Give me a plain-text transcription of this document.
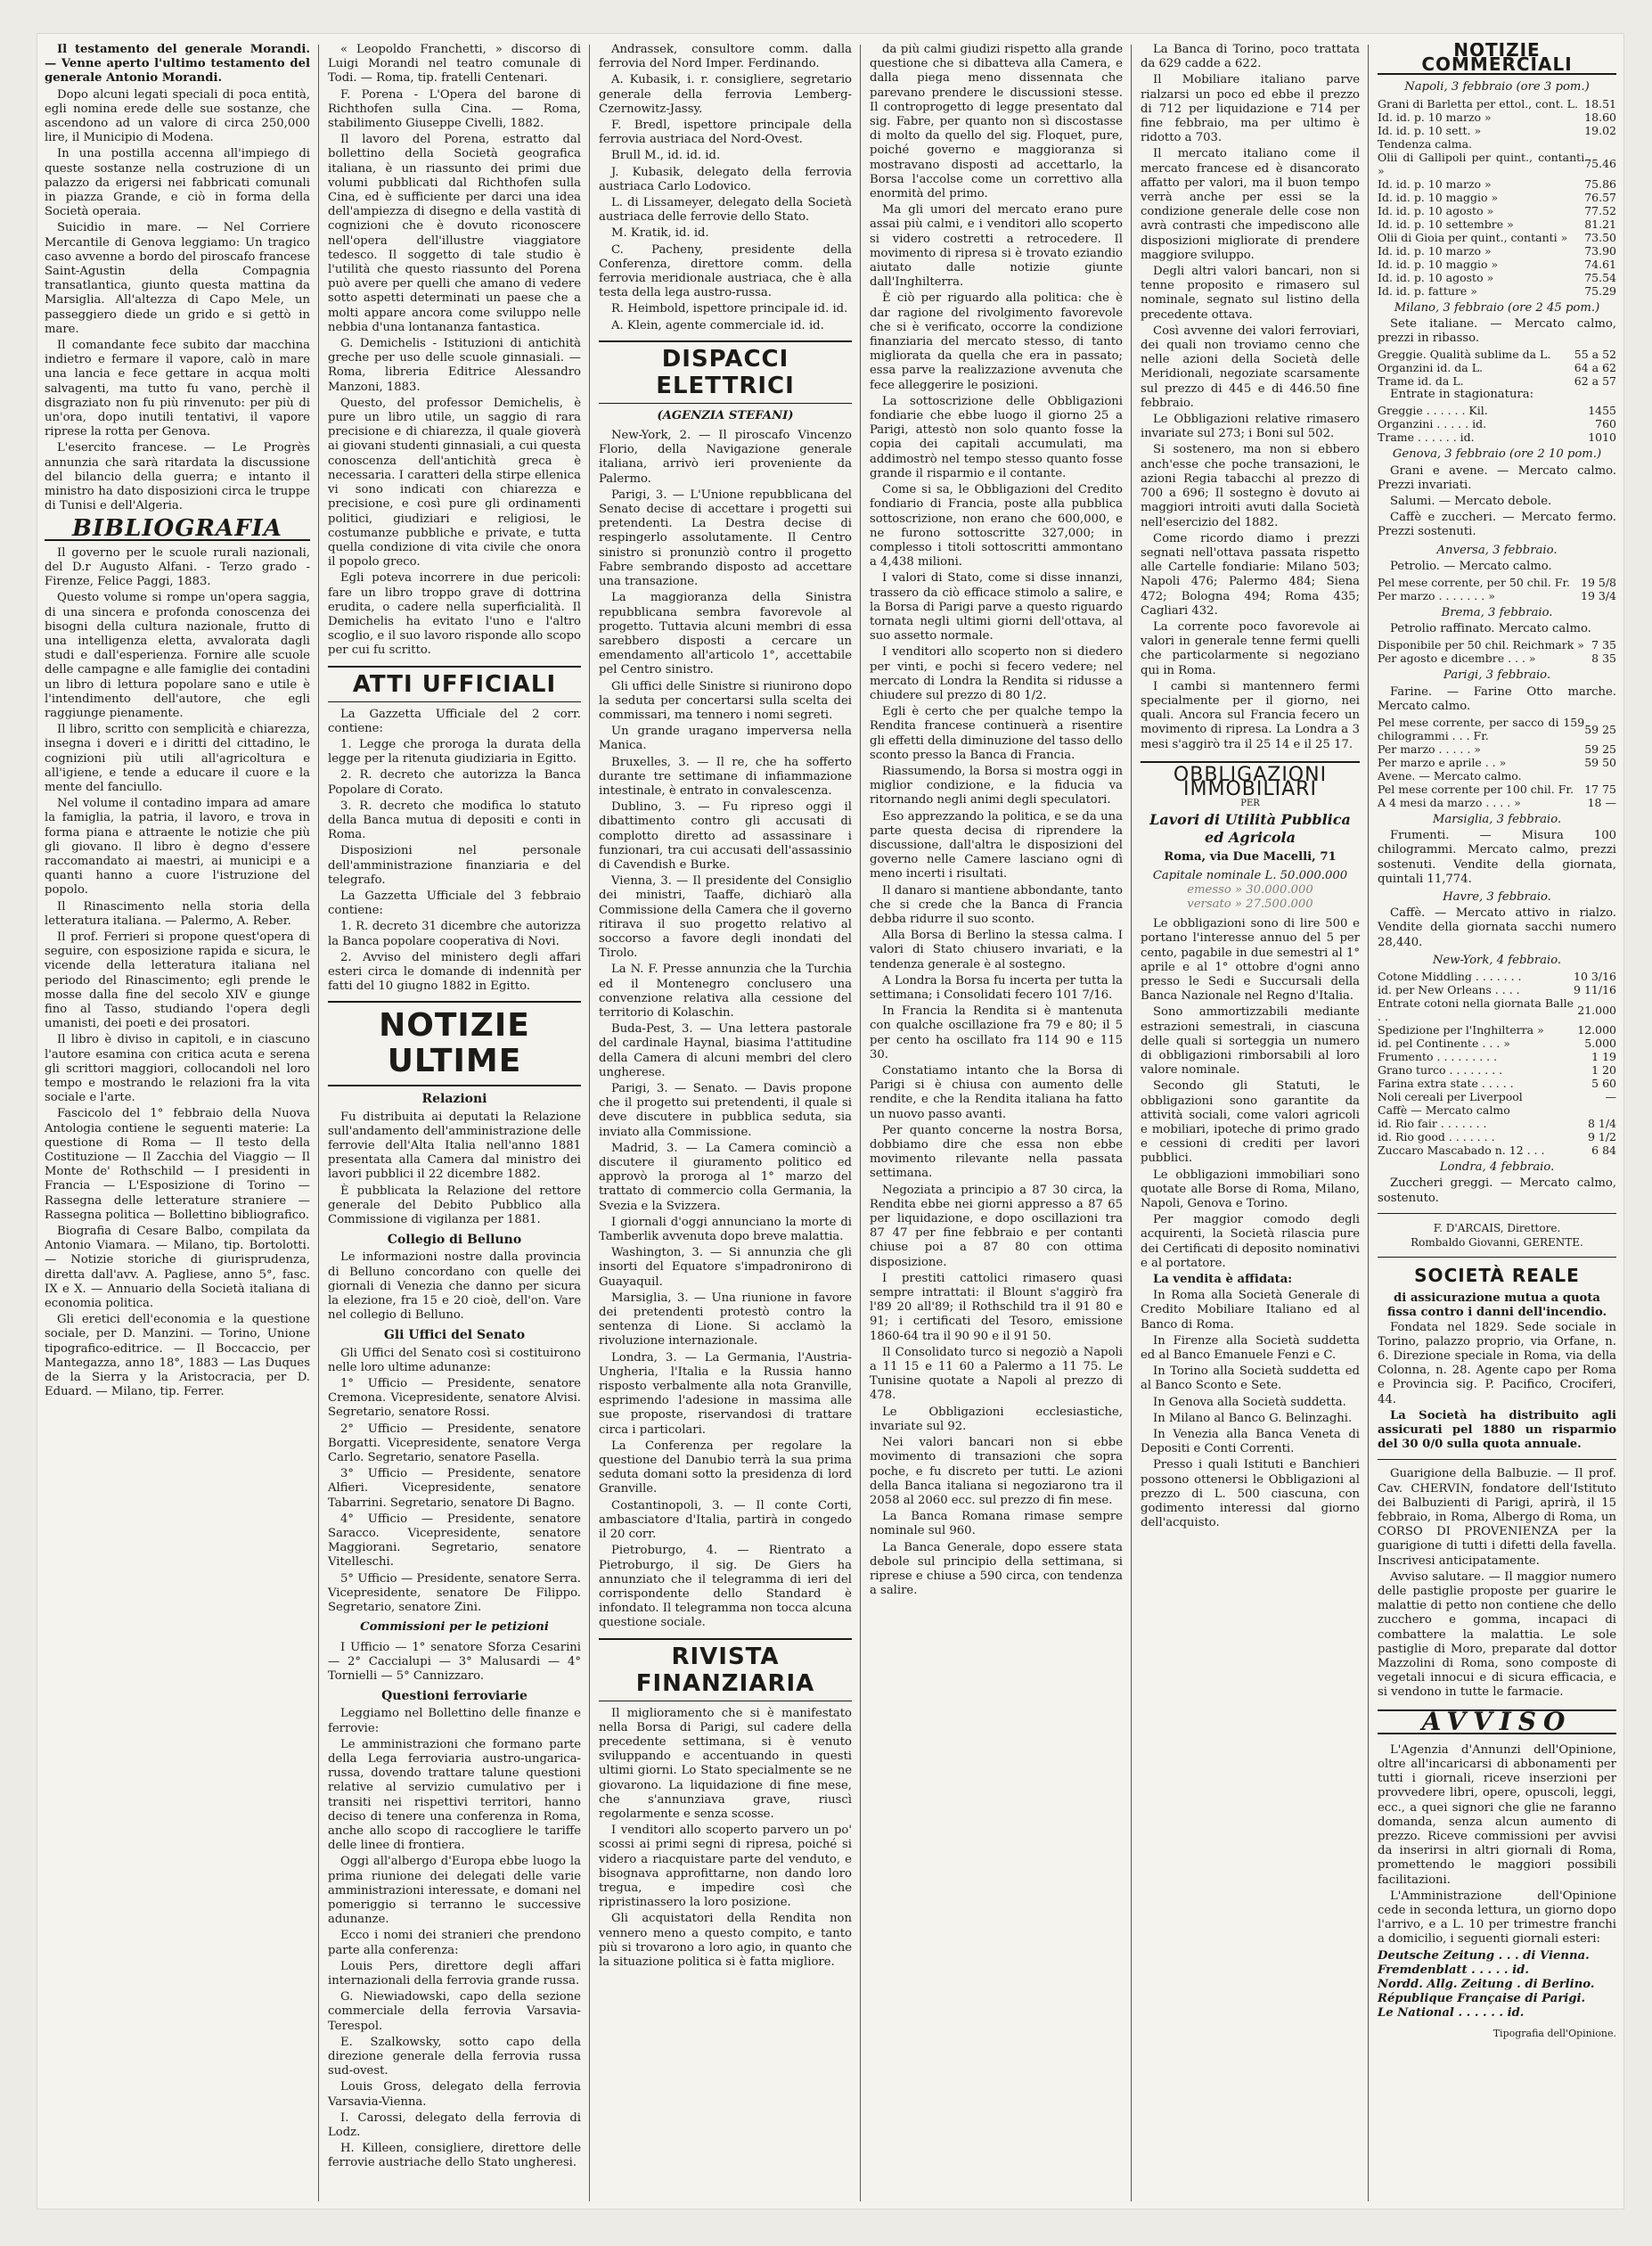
Il testamento del generale Morandi. — Venne aperto l'ultimo testamento del generale Antonio Morandi.

Dopo alcuni legati speciali di poca entità, egli nomina erede delle sue sostanze, che ascendono ad un valore di circa 250,000 lire, il Municipio di Modena.

In una postilla accenna all'impiego di queste sostanze nella costruzione di un palazzo da erigersi nei fabbricati comunali in piazza Grande, e ciò in forma della Società operaia.

Suicidio in mare. — Nel Corriere Mercantile di Genova leggiamo: Un tragico caso avvenne a bordo del piroscafo francese Saint-Agustin della Compagnia transatlantica, giunto questa mattina da Marsiglia. All'altezza di Capo Mele, un passeggiero diede un grido e si gettò in mare.

Il comandante fece subito dar macchina indietro e fermare il vapore, calò in mare una lancia e fece gettare in acqua molti salvagenti, ma tutto fu vano, perchè il disgraziato non fu più rinvenuto: per più di un'ora, dopo inutili tentativi, il vapore riprese la rotta per Genova.

L'esercito francese. — Le Progrès annunzia che sarà ritardata la discussione del bilancio della guerra; e intanto il ministro ha dato disposizioni circa le truppe di Tunisi e dell'Algeria.

BIBLIOGRAFIA

Il governo per le scuole rurali nazionali, del D.r Augusto Alfani. - Terzo grado - Firenze, Felice Paggi, 1883.

Questo volume si rompe un'opera saggia, di una sincera e profonda conoscenza dei bisogni della cultura nazionale, frutto di una intelligenza eletta, avvalorata dagli studi e dall'esperienza. Fornire alle scuole delle campagne e alle famiglie dei contadini un libro di lettura popolare sano e utile è l'intendimento dell'autore, che egli raggiunge pienamente.

Il libro, scritto con semplicità e chiarezza, insegna i doveri e i diritti del cittadino, le cognizioni più utili all'agricoltura e all'igiene, e tende a educare il cuore e la mente del fanciullo.

Nel volume il contadino impara ad amare la famiglia, la patria, il lavoro, e trova in forma piana e attraente le notizie che più gli giovano. Il libro è degno d'essere raccomandato ai maestri, ai municipi e a quanti hanno a cuore l'istruzione del popolo.

Il Rinascimento nella storia della letteratura italiana. — Palermo, A. Reber.

Il prof. Ferrieri si propone quest'opera di seguire, con esposizione rapida e sicura, le vicende della letteratura italiana nel periodo del Rinascimento; egli prende le mosse dalla fine del secolo XIV e giunge fino al Tasso, studiando l'opera degli umanisti, dei poeti e dei prosatori.

Il libro è diviso in capitoli, e in ciascuno l'autore esamina con critica acuta e serena gli scrittori maggiori, collocandoli nel loro tempo e mostrando le relazioni fra la vita sociale e l'arte.

Fascicolo del 1° febbraio della Nuova Antologia contiene le seguenti materie: La questione di Roma — Il testo della Costituzione — Il Zacchia del Viaggio — Il Monte de' Rothschild — I presidenti in Francia — L'Esposizione di Torino — Rassegna delle letterature straniere — Rassegna politica — Bollettino bibliografico.

Biografia di Cesare Balbo, compilata da Antonio Viamara. — Milano, tip. Bortolotti. — Notizie storiche di giurisprudenza, diretta dall'avv. A. Pagliese, anno 5°, fasc. IX e X. — Annuario della Società italiana di economia politica.

Gli eretici dell'economia e la questione sociale, per D. Manzini. — Torino, Unione tipografico-editrice. — Il Boccaccio, per Mantegazza, anno 18°, 1883 — Las Duques de la Sierra y la Aristocracia, per D. Eduard. — Milano, tip. Ferrer.

« Leopoldo Franchetti, » discorso di Luigi Morandi nel teatro comunale di Todi. — Roma, tip. fratelli Centenari.

F. Porena - L'Opera del barone di Richthofen sulla Cina. — Roma, stabilimento Giuseppe Civelli, 1882.

Il lavoro del Porena, estratto dal bollettino della Società geografica italiana, è un riassunto dei primi due volumi pubblicati dal Richthofen sulla Cina, ed è sufficiente per darci una idea dell'ampiezza di disegno e della vastità di cognizioni che è dovuto riconoscere nell'opera dell'illustre viaggiatore tedesco. Il soggetto di tale studio è l'utilità che questo riassunto del Porena può avere per quelli che amano di vedere sotto aspetti determinati un paese che a molti appare ancora come sviluppo nelle nebbia d'una lontananza fantastica.

G. Demichelis - Istituzioni di antichità greche per uso delle scuole ginnasiali. — Roma, libreria Editrice Alessandro Manzoni, 1883.

Questo, del professor Demichelis, è pure un libro utile, un saggio di rara precisione e di chiarezza, il quale gioverà ai giovani studenti ginnasiali, a cui questa conoscenza dell'antichità greca è necessaria. I caratteri della stirpe ellenica vi sono indicati con chiarezza e precisione, e così pure gli ordinamenti politici, giudiziari e religiosi, le costumanze pubbliche e private, e tutta quella condizione di vita civile che onora il popolo greco.

Egli poteva incorrere in due pericoli: fare un libro troppo grave di dottrina erudita, o cadere nella superficialità. Il Demichelis ha evitato l'uno e l'altro scoglio, e il suo lavoro risponde allo scopo per cui fu scritto.

ATTI UFFICIALI

La Gazzetta Ufficiale del 2 corr. contiene:

1. Legge che proroga la durata della legge per la ritenuta giudiziaria in Egitto.

2. R. decreto che autorizza la Banca Popolare di Corato.

3. R. decreto che modifica lo statuto della Banca mutua di depositi e conti in Roma.

Disposizioni nel personale dell'amministrazione finanziaria e del telegrafo.

La Gazzetta Ufficiale del 3 febbraio contiene:

1. R. decreto 31 dicembre che autorizza la Banca popolare cooperativa di Novi.

2. Avviso del ministero degli affari esteri circa le domande di indennità per fatti del 10 giugno 1882 in Egitto.

NOTIZIE ULTIME
Relazioni

Fu distribuita ai deputati la Relazione sull'andamento dell'amministrazione delle ferrovie dell'Alta Italia nell'anno 1881 presentata alla Camera dal ministro dei lavori pubblici il 22 dicembre 1882.

È pubblicata la Relazione del rettore generale del Debito Pubblico alla Commissione di vigilanza per 1881.

Collegio di Belluno

Le informazioni nostre dalla provincia di Belluno concordano con quelle dei giornali di Venezia che danno per sicura la elezione, fra 15 e 20 cioè, dell'on. Vare nel collegio di Belluno.

Gli Uffici del Senato

Gli Uffici del Senato così si costituirono nelle loro ultime adunanze:

1° Ufficio — Presidente, senatore Cremona. Vicepresidente, senatore Alvisi. Segretario, senatore Rossi.

2° Ufficio — Presidente, senatore Borgatti. Vicepresidente, senatore Verga Carlo. Segretario, senatore Pasella.

3° Ufficio — Presidente, senatore Alfieri. Vicepresidente, senatore Tabarrini. Segretario, senatore Di Bagno.

4° Ufficio — Presidente, senatore Saracco. Vicepresidente, senatore Maggiorani. Segretario, senatore Vitelleschi.

5° Ufficio — Presidente, senatore Serra. Vicepresidente, senatore De Filippo. Segretario, senatore Zini.

Commissioni per le petizioni

I Ufficio — 1° senatore Sforza Cesarini — 2° Caccialupi — 3° Malusardi — 4° Tornielli — 5° Cannizzaro.

Questioni ferroviarie

Leggiamo nel Bollettino delle finanze e ferrovie:

Le amministrazioni che formano parte della Lega ferroviaria austro-ungarica-russa, dovendo trattare talune questioni relative al servizio cumulativo per i transiti nei rispettivi territori, hanno deciso di tenere una conferenza in Roma, anche allo scopo di raccogliere le tariffe delle linee di frontiera.

Oggi all'albergo d'Europa ebbe luogo la prima riunione dei delegati delle varie amministrazioni interessate, e domani nel pomeriggio si terranno le successive adunanze.

Ecco i nomi dei stranieri che prendono parte alla conferenza:

Louis Pers, direttore degli affari internazionali della ferrovia grande russa.

G. Niewiadowski, capo della sezione commerciale della ferrovia Varsavia-Terespol.

E. Szalkowsky, sotto capo della direzione generale della ferrovia russa sud-ovest.

Louis Gross, delegato della ferrovia Varsavia-Vienna.

I. Carossi, delegato della ferrovia di Lodz.

H. Killeen, consigliere, direttore delle ferrovie austriache dello Stato ungheresi.

Andrassek, consultore comm. dalla ferrovia del Nord Imper. Ferdinando.

A. Kubasik, i. r. consigliere, segretario generale della ferrovia Lemberg-Czernowitz-Jassy.

F. Bredl, ispettore principale della ferrovia austriaca del Nord-Ovest.

Brull M., id. id. id.

J. Kubasik, delegato della ferrovia austriaca Carlo Lodovico.

L. di Lissameyer, delegato della Società austriaca delle ferrovie dello Stato.

M. Kratik, id. id.

C. Pacheny, presidente della Conferenza, direttore comm. della ferrovia meridionale austriaca, che è alla testa della lega austro-russa.

R. Heimbold, ispettore principale id. id.

A. Klein, agente commerciale id. id.

DISPACCI ELETTRICI
(AGENZIA STEFANI)

New-York, 2. — Il piroscafo Vincenzo Florio, della Navigazione generale italiana, arrivò ieri proveniente da Palermo.

Parigi, 3. — L'Unione repubblicana del Senato decise di accettare i progetti sui pretendenti. La Destra decise di respingerlo assolutamente. Il Centro sinistro si pronunziò contro il progetto Fabre sembrando disposto ad accettare una transazione.

La maggioranza della Sinistra repubblicana sembra favorevole al progetto. Tuttavia alcuni membri di essa sarebbero disposti a cercare un emendamento all'articolo 1°, accettabile pel Centro sinistro.

Gli uffici delle Sinistre si riunirono dopo la seduta per concertarsi sulla scelta dei commissari, ma tennero i nomi segreti.

Un grande uragano imperversa nella Manica.

Bruxelles, 3. — Il re, che ha sofferto durante tre settimane di infiammazione intestinale, è entrato in convalescenza.

Dublino, 3. — Fu ripreso oggi il dibattimento contro gli accusati di complotto diretto ad assassinare i funzionari, tra cui accusati dell'assassinio di Cavendish e Burke.

Vienna, 3. — Il presidente del Consiglio dei ministri, Taaffe, dichiarò alla Commissione della Camera che il governo ritirava il suo progetto relativo al soccorso a favore degli inondati del Tirolo.

La N. F. Presse annunzia che la Turchia ed il Montenegro conclusero una convenzione relativa alla cessione del territorio di Kolaschin.

Buda-Pest, 3. — Una lettera pastorale del cardinale Haynal, biasima l'attitudine della Camera di alcuni membri del clero ungherese.

Parigi, 3. — Senato. — Davis propone che il progetto sui pretendenti, il quale si deve discutere in pubblica seduta, sia inviato alla Commissione.

Madrid, 3. — La Camera cominciò a discutere il giuramento politico ed approvò la proroga al 1° marzo del trattato di commercio colla Germania, la Svezia e la Svizzera.

I giornali d'oggi annunciano la morte di Tamberlik avvenuta dopo breve malattia.

Washington, 3. — Si annunzia che gli insorti del Equatore s'impadronirono di Guayaquil.

Marsiglia, 3. — Una riunione in favore dei pretendenti protestò contro la sentenza di Lione. Si acclamò la rivoluzione internazionale.

Londra, 3. — La Germania, l'Austria-Ungheria, l'Italia e la Russia hanno risposto verbalmente alla nota Granville, esprimendo l'adesione in massima alle sue proposte, riservandosi di trattare circa i particolari.

La Conferenza per regolare la questione del Danubio terrà la sua prima seduta domani sotto la presidenza di lord Granville.

Costantinopoli, 3. — Il conte Corti, ambasciatore d'Italia, partirà in congedo il 20 corr.

Pietroburgo, 4. — Rientrato a Pietroburgo, il sig. De Giers ha annunziato che il telegramma di ieri del corrispondente dello Standard è infondato. Il telegramma non tocca alcuna questione sociale.

RIVISTA FINANZIARIA

Il miglioramento che si è manifestato nella Borsa di Parigi, sul cadere della precedente settimana, si è venuto sviluppando e accentuando in questi ultimi giorni. Lo Stato specialmente se ne giovarono. La liquidazione di fine mese, che s'annunziava grave, riuscì regolarmente e senza scosse.

I venditori allo scoperto parvero un po' scossi ai primi segni di ripresa, poiché si videro a riacquistare parte del venduto, e bisognava approfittarne, non dando loro tregua, e impedire così che ripristinassero la loro posizione.

Gli acquistatori della Rendita non vennero meno a questo compito, e tanto più si trovarono a loro agio, in quanto che la situazione politica si è fatta migliore.

da più calmi giudizi rispetto alla grande questione che si dibatteva alla Camera, e dalla piega meno dissennata che parevano prendere le discussioni stesse. Il controprogetto di legge presentato dal sig. Fabre, per quanto non sì discostasse di molto da quello del sig. Floquet, pure, poiché governo e maggioranza si mostravano disposti ad accettarlo, la Borsa l'accolse come un correttivo alla enormità del primo.

Ma gli umori del mercato erano pure assai più calmi, e i venditori allo scoperto si videro costretti a retrocedere. Il movimento di ripresa si è trovato eziandio aiutato dalle notizie giunte dall'Inghilterra.

È ciò per riguardo alla politica: che è dar ragione del rivolgimento favorevole che si è verificato, occorre la condizione finanziaria del mercato stesso, di tanto migliorata da quella che era in passato; essa parve la realizzazione avvenuta che fece alleggerire le posizioni.

La sottoscrizione delle Obbligazioni fondiarie che ebbe luogo il giorno 25 a Parigi, attestò non solo quanto fosse la copia dei capitali accumulati, ma addimostrò nel tempo stesso quanto fosse grande il risparmio e il contante.

Come si sa, le Obbligazioni del Credito fondiario di Francia, poste alla pubblica sottoscrizione, non erano che 600,000, e ne furono sottoscritte 327,000; in complesso i titoli sottoscritti ammontano a 4,438 milioni.

I valori di Stato, come si disse innanzi, trassero da ciò efficace stimolo a salire, e la Borsa di Parigi parve a questo riguardo tornata negli ultimi giorni dell'ottava, al suo assetto normale.

I venditori allo scoperto non si diedero per vinti, e pochi si fecero vedere; nel mercato di Londra la Rendita si ridusse a chiudere sul prezzo di 80 1/2.

Egli è certo che per qualche tempo la Rendita francese continuerà a risentire gli effetti della diminuzione del tasso dello sconto presso la Banca di Francia.

Riassumendo, la Borsa si mostra oggi in miglior condizione, e la fiducia va ritornando negli animi degli speculatori.

Eso apprezzando la politica, e se da una parte questa decisa di riprendere la discussione, dall'altra le disposizioni del governo nelle Camere lasciano ogni dì meno incerti i risultati.

Il danaro si mantiene abbondante, tanto che si crede che la Banca di Francia debba ridurre il suo sconto.

Alla Borsa di Berlino la stessa calma. I valori di Stato chiusero invariati, e la tendenza generale è al sostegno.

A Londra la Borsa fu incerta per tutta la settimana; i Consolidati fecero 101 7/16.

In Francia la Rendita si è mantenuta con qualche oscillazione fra 79 e 80; il 5 per cento ha oscillato fra 114 90 e 115 30.

Constatiamo intanto che la Borsa di Parigi si è chiusa con aumento delle rendite, e che la Rendita italiana ha fatto un nuovo passo avanti.

Per quanto concerne la nostra Borsa, dobbiamo dire che essa non ebbe movimento rilevante nella passata settimana.

Negoziata a principio a 87 30 circa, la Rendita ebbe nei giorni appresso a 87 65 per liquidazione, e dopo oscillazioni tra 87 47 per fine febbraio e per contanti chiuse poi a 87 80 con ottima disposizione.

I prestiti cattolici rimasero quasi sempre intrattati: il Blount s'aggirò fra l'89 20 all'89; il Rothschild tra il 91 80 e 91; i certificati del Tesoro, emissione 1860-64 tra il 90 90 e il 91 50.

Il Consolidato turco si negoziò a Napoli a 11 15 e 11 60 a Palermo a 11 75. Le Tunisine quotate a Napoli al prezzo di 478.

Le Obbligazioni ecclesiastiche, invariate sul 92.

Nei valori bancari non si ebbe movimento di transazioni che sopra poche, e fu discreto per tutti. Le azioni della Banca italiana si negoziarono tra il 2058 al 2060 ecc. sul prezzo di fin mese.

La Banca Romana rimase sempre nominale sul 960.

La Banca Generale, dopo essere stata debole sul principio della settimana, si riprese e chiuse a 590 circa, con tendenza a salire.

La Banca di Torino, poco trattata da 629 cadde a 622.

Il Mobiliare italiano parve rialzarsi un poco ed ebbe il prezzo di 712 per liquidazione e 714 per fine febbraio, ma per ultimo è ridotto a 703.

Il mercato italiano come il mercato francese ed è disancorato affatto per valori, ma il buon tempo verrà anche per essi se la condizione generale delle cose non avrà contrasti che impediscono alle disposizioni migliorate di prendere maggiore sviluppo.

Degli altri valori bancari, non si tenne proposito e rimasero sul nominale, segnato sul listino della precedente ottava.

Così avvenne dei valori ferroviari, dei quali non troviamo cenno che nelle azioni della Società delle Meridionali, negoziate scarsamente sul prezzo di 445 e di 446.50 fine febbraio.

Le Obbligazioni relative rimasero invariate sul 273; i Boni sul 502.

Si sostenero, ma non si ebbero anch'esse che poche transazioni, le azioni Regia tabacchi al prezzo di 700 a 696; Il sostegno è dovuto ai maggiori introiti avuti dalla Società nell'esercizio del 1882.

Come ricordo diamo i prezzi segnati nell'ottava passata rispetto alle Cartelle fondiarie: Milano 503; Napoli 476; Palermo 484; Siena 472; Bologna 494; Roma 435; Cagliari 432.

La corrente poco favorevole ai valori in generale tenne fermi quelli che particolarmente si negoziano qui in Roma.

I cambi si mantennero fermi specialmente per il giorno, nei quali. Ancora sul Francia fecero un movimento di ripresa. La Londra a 3 mesi s'aggirò tra il 25 14 e il 25 17.

OBBLIGAZIONI IMMOBILIARI
PER
Lavori di Utilità Pubblica ed Agricola
Roma, via Due Macelli, 71
Capitale nominale L. 50.000.000
emesso » 30.000.000
versato » 27.500.000

Le obbligazioni sono di lire 500 e portano l'interesse annuo del 5 per cento, pagabile in due semestri al 1° aprile e al 1° ottobre d'ogni anno presso le Sedi e Succursali della Banca Nazionale nel Regno d'Italia.

Sono ammortizzabili mediante estrazioni semestrali, in ciascuna delle quali si sorteggia un numero di obbligazioni rimborsabili al loro valore nominale.

Secondo gli Statuti, le obbligazioni sono garantite da attività sociali, come valori agricoli e mobiliari, ipoteche di primo grado e cessioni di crediti per lavori pubblici.

Le obbligazioni immobiliari sono quotate alle Borse di Roma, Milano, Napoli, Genova e Torino.

Per maggior comodo degli acquirenti, la Società rilascia pure dei Certificati di deposito nominativi e al portatore.

La vendita è affidata:

In Roma alla Società Generale di Credito Mobiliare Italiano ed al Banco di Roma.

In Firenze alla Società suddetta ed al Banco Emanuele Fenzi e C.

In Torino alla Società suddetta ed al Banco Sconto e Sete.

In Genova alla Società suddetta.

In Milano al Banco G. Belinzaghi.

In Venezia alla Banca Veneta di Depositi e Conti Correnti.

Presso i quali Istituti e Banchieri possono ottenersi le Obbligazioni al prezzo di L. 500 ciascuna, con godimento interessi dal giorno dell'acquisto.

NOTIZIE COMMERCIALI
Napoli, 3 febbraio (ore 3 pom.)
Grani di Barletta per ettol., cont. L.	18.51
Id. id. p. 10 marzo »	18.60
Id. id. p. 10 sett. »	19.02
Tendenza calma.	
Olii di Gallipoli per quint., contanti »	75.46
Id. id. p. 10 marzo »	75.86
Id. id. p. 10 maggio »	76.57
Id. id. p. 10 agosto »	77.52
Id. id. p. 10 settembre »	81.21
Olii di Gioia per quint., contanti »	73.50
Id. id. p. 10 marzo »	73.90
Id. id. p. 10 maggio »	74.61
Id. id. p. 10 agosto »	75.54
Id. id. p. fatture »	75.29
Milano, 3 febbraio (ore 2 45 pom.)

Sete italiane. — Mercato calmo, prezzi in ribasso.

Greggie. Qualità sublime da L.	55 a 52
Organzini id. da L.	64 a 62
Trame id. da L.	62 a 57

Entrate in stagionatura:

Greggie . . . . . . Kil.	1455
Organzini . . . . . id.	760
Trame . . . . . . id.	1010
Genova, 3 febbraio (ore 2 10 pom.)

Grani e avene. — Mercato calmo. Prezzi invariati.

Salumi. — Mercato debole.

Caffè e zuccheri. — Mercato fermo. Prezzi sostenuti.

Anversa, 3 febbraio.

Petrolio. — Mercato calmo.

Pel mese corrente, per 50 chil. Fr.	19 5/8
Per marzo . . . . . . . »	19 3/4
Brema, 3 febbraio.

Petrolio raffinato. Mercato calmo.

Disponibile per 50 chil. Reichmark »	7 35
Per agosto e dicembre . . . »	8 35
Parigi, 3 febbraio.

Farine. — Farine Otto marche. Mercato calmo.

Pel mese corrente, per sacco di 159 chilogrammi . . . Fr.	59 25
Per marzo . . . . . »	59 25
Per marzo e aprile . . »	59 50
Avene. — Mercato calmo.	
Pel mese corrente per 100 chil. Fr.	17 75
A 4 mesi da marzo . . . . »	18 —
Marsiglia, 3 febbraio.

Frumenti. — Misura 100 chilogrammi. Mercato calmo, prezzi sostenuti. Vendite della giornata, quintali 11,774.

Havre, 3 febbraio.

Caffè. — Mercato attivo in rialzo. Vendite della giornata sacchi numero 28,440.

New-York, 4 febbraio.
Cotone Middling . . . . . . .	10 3/16
id. per New Orleans . . . .	9 11/16
Entrate cotoni nella giornata Balle . .	21.000
Spedizione per l'Inghilterra »	12.000
id. pel Continente . . . »	5.000
Frumento . . . . . . . . .	1 19
Grano turco . . . . . . . .	1 20
Farina extra state . . . . .	5 60
Noli cereali per Liverpool	—
Caffè — Mercato calmo	
id. Rio fair . . . . . . .	8 1/4
id. Rio good . . . . . . .	9 1/2
Zuccaro Mascabado n. 12 . . .	6 84
Londra, 4 febbraio.

Zuccheri greggi. — Mercato calmo, sostenuto.

F. D'ARCAIS, Direttore.
Rombaldo Giovanni, GERENTE.
SOCIETÀ REALE
di assicurazione mutua a quota fissa contro i danni dell'incendio.

Fondata nel 1829. Sede sociale in Torino, palazzo proprio, via Orfane, n. 6. Direzione speciale in Roma, via della Colonna, n. 28. Agente capo per Roma e Provincia sig. P. Pacifico, Crociferi, 44.

La Società ha distribuito agli assicurati pel 1880 un risparmio del 30 0/0 sulla quota annuale.

Guarigione della Balbuzie. — Il prof. Cav. CHERVIN, fondatore dell'Istituto dei Balbuzienti di Parigi, aprirà, il 15 febbraio, in Roma, Albergo di Roma, un CORSO DI PROVENIENZA per la guarigione di tutti i difetti della favella. Inscrivesi anticipatamente.

Avviso salutare. — Il maggior numero delle pastiglie proposte per guarire le malattie di petto non contiene che dello zucchero e gomma, incapaci di combattere la malattia. Le sole pastiglie di Moro, preparate dal dottor Mazzolini di Roma, sono composte di vegetali innocui e di sicura efficacia, e si vendono in tutte le farmacie.

AVVISO

L'Agenzia d'Annunzi dell'Opinione, oltre all'incaricarsi di abbonamenti per tutti i giornali, riceve inserzioni per provvedere libri, opere, opuscoli, leggi, ecc., a quei signori che glie ne faranno domanda, senza alcun aumento di prezzo. Riceve commissioni per avvisi da inserirsi in altri giornali di Roma, promettendo le maggiori possibili facilitazioni.

L'Amministrazione dell'Opinione cede in seconda lettura, un giorno dopo l'arrivo, e a L. 10 per trimestre franchi a domicilio, i seguenti giornali esteri:

Deutsche Zeitung . . . di Vienna.
Fremdenblatt . . . . . id.
Nordd. Allg. Zeitung . di Berlino.
République Française di Parigi.
Le National . . . . . . id.
Tipografia dell'Opinione.
